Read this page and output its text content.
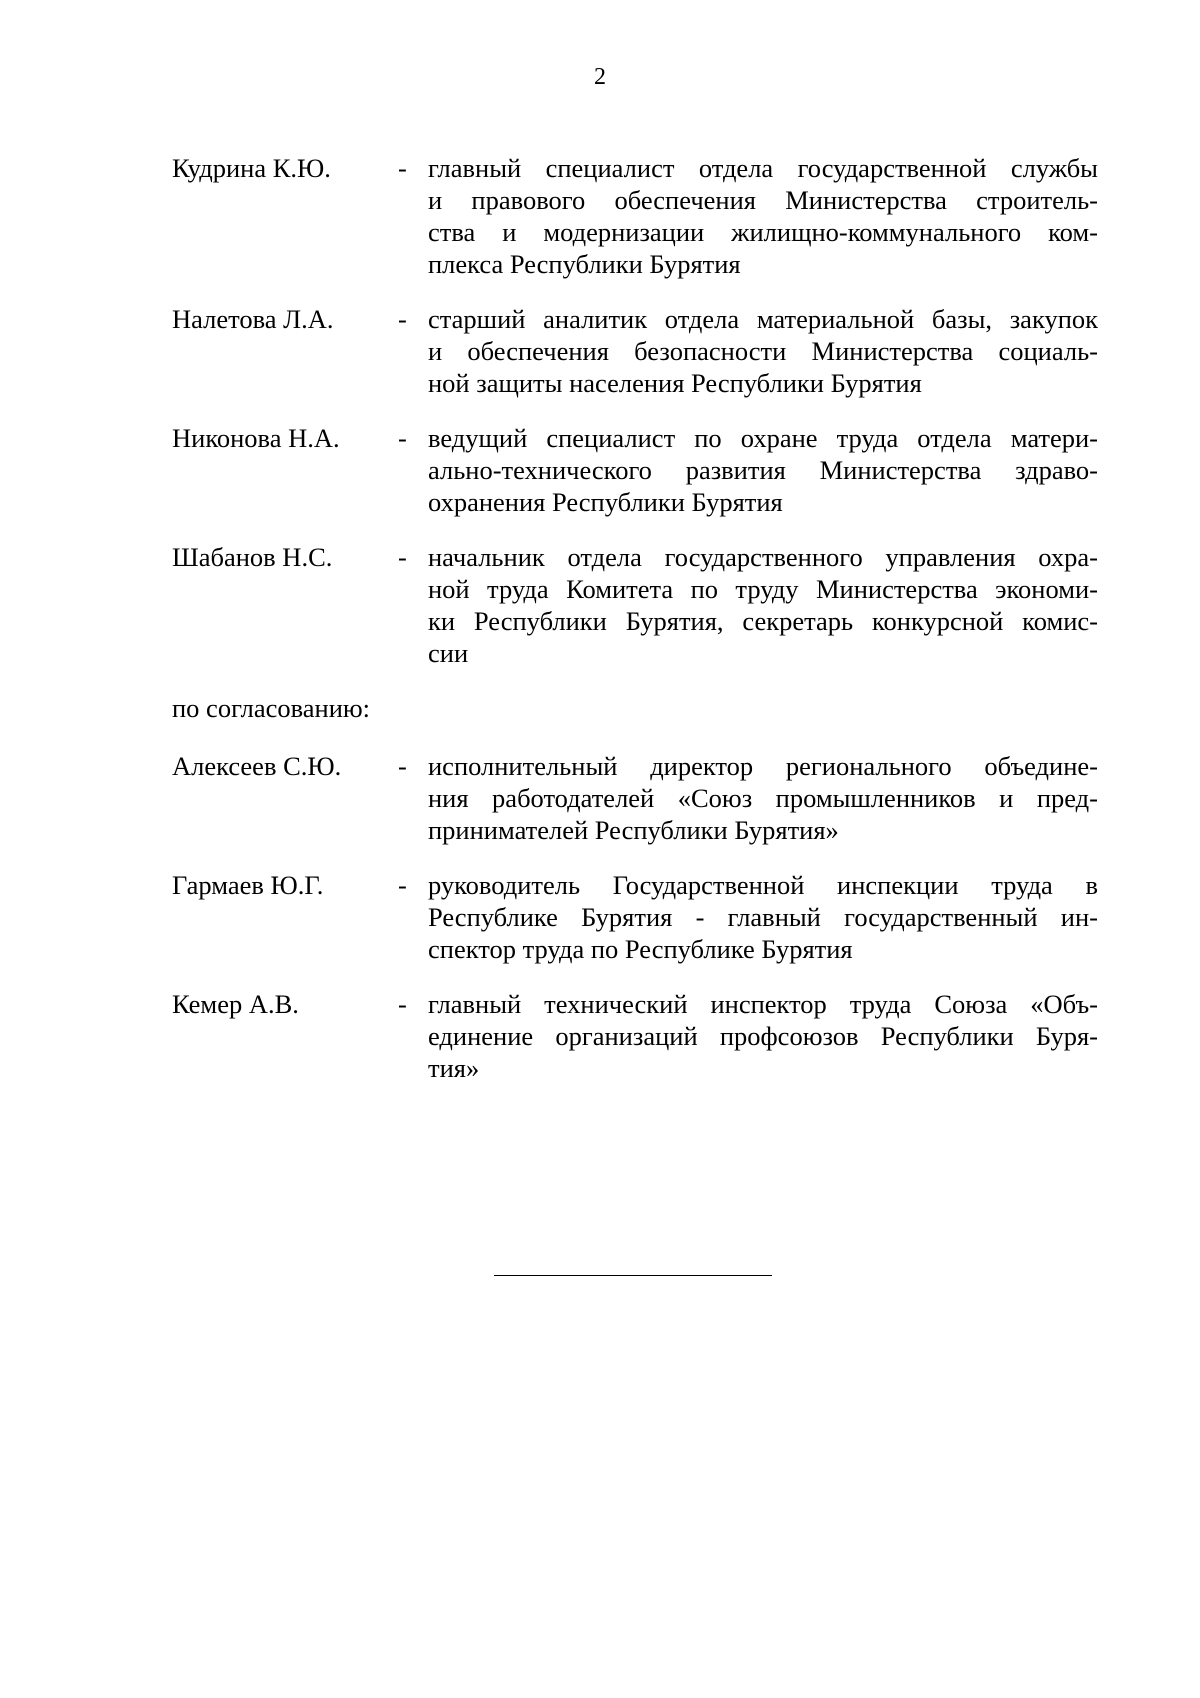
2
Кудрина К.Ю.	- главный специалист отдела государственной службы
и правового обеспечения Министерства строитель-
ства и модернизации жилищно-коммунального ком-
плекса Республики Бурятия
Налетова Л.А.	- старший аналитик отдела материальной базы, закупок
и обеспечения безопасности Министерства социаль-
ной защиты населения Республики Бурятия
Никонова Н.А.	- ведущий специалист по охране труда отдела матери-
ально-технического развития Министерства здраво-
охранения Республики Бурятия
Шабанов Н.С.	- начальник отдела государственного управления охра-
ной труда Комитета по труду Министерства экономи-
ки Республики Бурятия, секретарь конкурсной комис-
сии
по согласованию:
Алексеев С.Ю.	- исполнительный директор регионального объедине-
ния работодателей «Союз промышленников и пред-
принимателей Республики Бурятия»
Гармаев Ю.Г.	- руководитель Государственной инспекции труда в
Республике Бурятия - главный государственный ин-
спектор труда по Республике Бурятия
Кемер А.В.	- главный технический инспектор труда Союза «Объ-
единение организаций профсоюзов Республики Буря-
тия»
